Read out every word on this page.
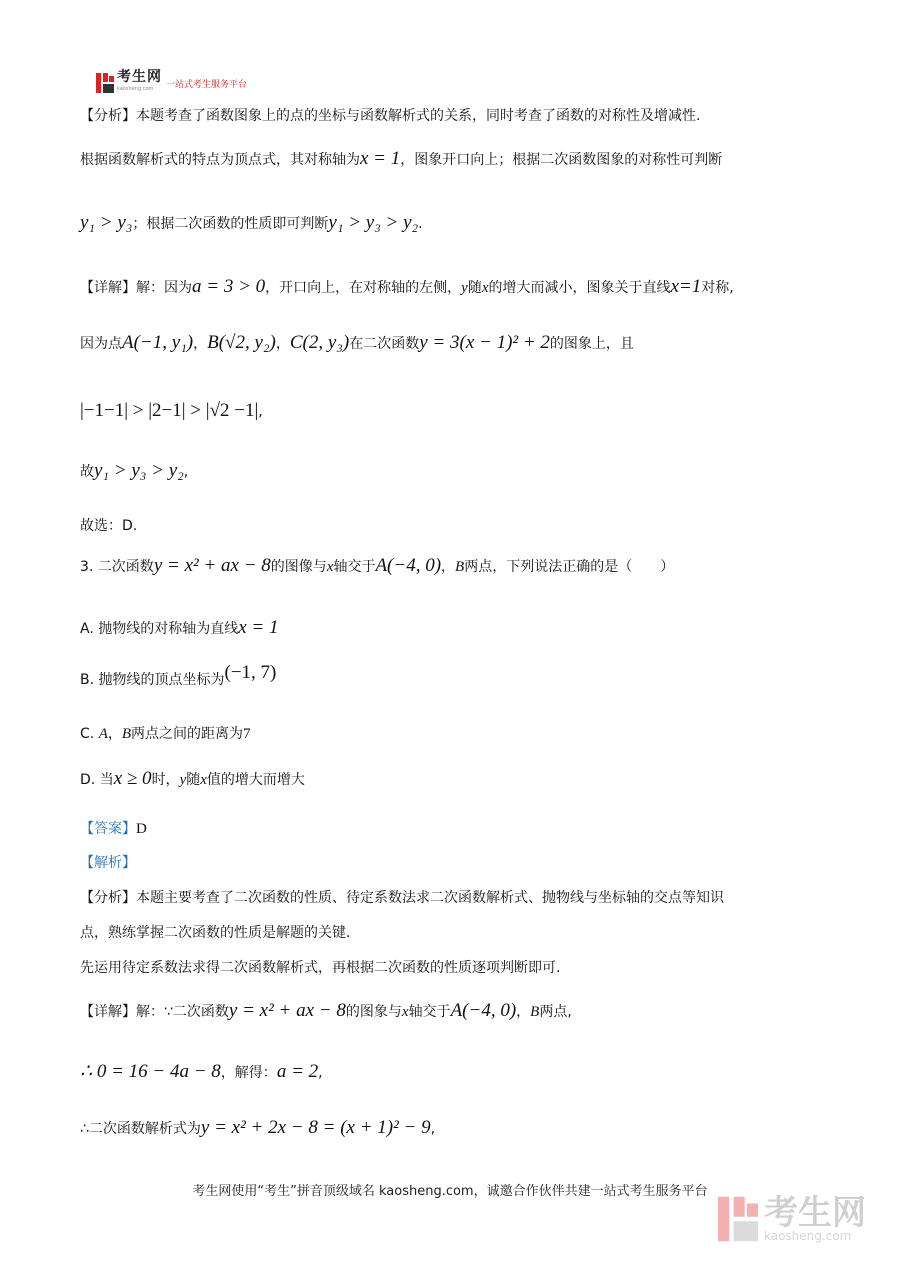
考生网
kaosheng.com	一站式考生服务平台
【分析】本题考查了函数图象上的点的坐标与函数解析式的关系，同时考查了函数的对称性及增减性.
根据函数解析式的特点为顶点式，其对称轴为x = 1，图象开口向上；根据二次函数图象的对称性可判断
y₁ > y₃；根据二次函数的性质即可判断y₁ > y₃ > y₂.
【详解】解：因为a = 3 > 0，开口向上，在对称轴的左侧，y随x的增大而减小，图象关于直线x=1对称,
因为点A(−1, y₁)，B(√2, y₂)，C(2, y₃)在二次函数y = 3(x − 1)² + 2的图象上，且
|−1−1| > |2−1| > |√2 −1|,
故y₁ > y₃ > y₂,
故选：D.
3. 二次函数y = x² + ax − 8的图像与x轴交于A(−4, 0)，B两点，下列说法正确的是（　　）
A. 抛物线的对称轴为直线x = 1
B. 抛物线的顶点坐标为(−1, 7)
C. A，B两点之间的距离为7
D. 当x ≥ 0时，y随x值的增大而增大
【答案】D
【解析】
【分析】本题主要考查了二次函数的性质、待定系数法求二次函数解析式、抛物线与坐标轴的交点等知识
点，熟练掌握二次函数的性质是解题的关键.
先运用待定系数法求得二次函数解析式，再根据二次函数的性质逐项判断即可.
【详解】解：∵二次函数y = x² + ax − 8的图象与x轴交于A(−4, 0)，B两点,
∴ 0 = 16 − 4a − 8，解得：a = 2,
∴二次函数解析式为y = x² + 2x − 8 = (x + 1)² − 9,
考生网使用“考生”拼音顶级域名 kaosheng.com，诚邀合作伙伴共建一站式考生服务平台
考生网
kaosheng.com
